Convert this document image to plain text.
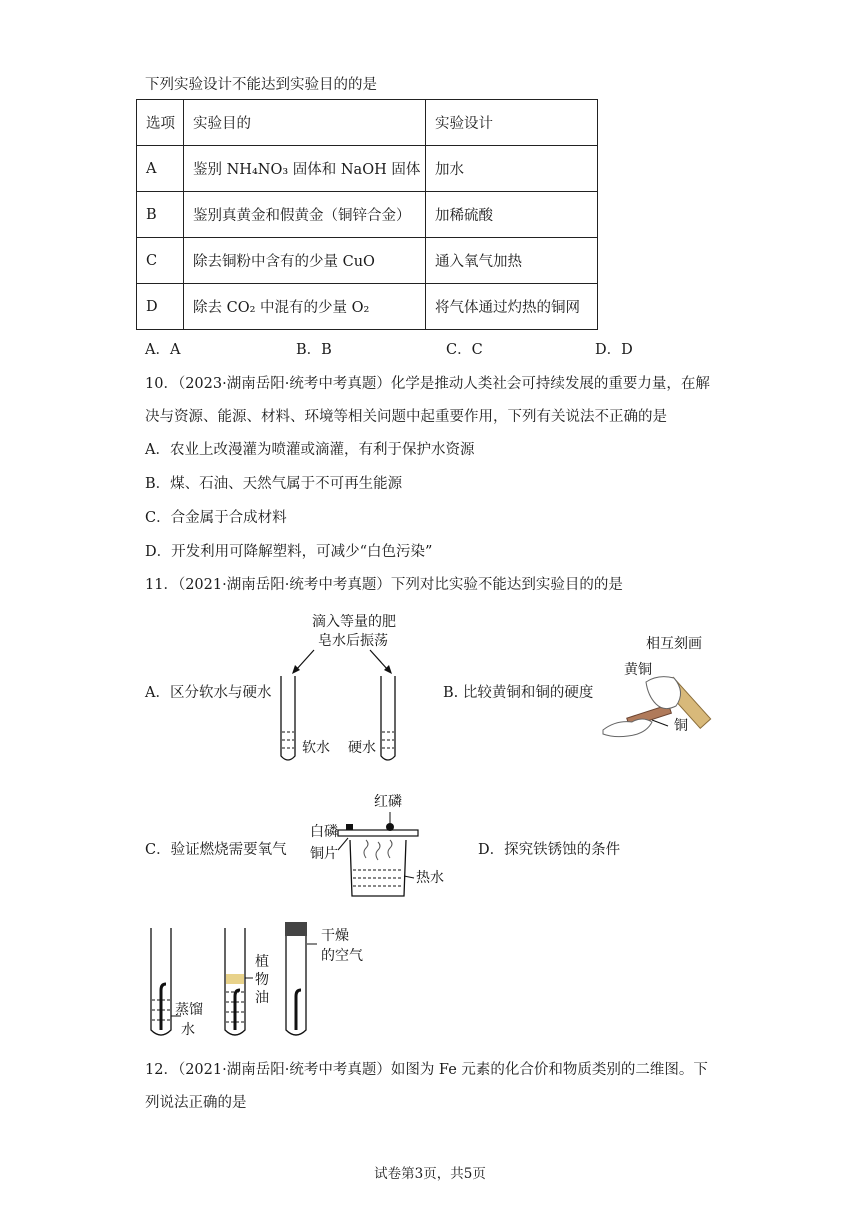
下列实验设计不能达到实验目的的是
选项	实验目的	实验设计
A	鉴别 NH₄NO₃ 固体和 NaOH 固体	加水
B	鉴别真黄金和假黄金（铜锌合金）	加稀硫酸
C	除去铜粉中含有的少量 CuO	通入氧气加热
D	除去 CO₂ 中混有的少量 O₂	将气体通过灼热的铜网
A．A	B．B	C．C	D．D
10．（2023·湖南岳阳·统考中考真题）化学是推动人类社会可持续发展的重要力量，在解
决与资源、能源、材料、环境等相关问题中起重要作用，下列有关说法不正确的是
A．农业上改漫灌为喷灌或滴灌，有利于保护水资源
B．煤、石油、天然气属于不可再生能源
C．合金属于合成材料
D．开发利用可降解塑料，可减少“白色污染”
11．（2021·湖南岳阳·统考中考真题）下列对比实验不能达到实验目的的是
A．区分软水与硬水	B. 比较黄铜和铜的硬度
C．验证燃烧需要氧气	D．探究铁锈蚀的条件
滴入等量的肥
皂水后振荡
软水 硬水
相互刻画
黄铜
铜
红磷
白磷
铜片
热水
蒸馏
水
植
物
油
干燥
的空气
12．（2021·湖南岳阳·统考中考真题）如图为 Fe 元素的化合价和物质类别的二维图。下
列说法正确的是
试卷第3页，共5页
